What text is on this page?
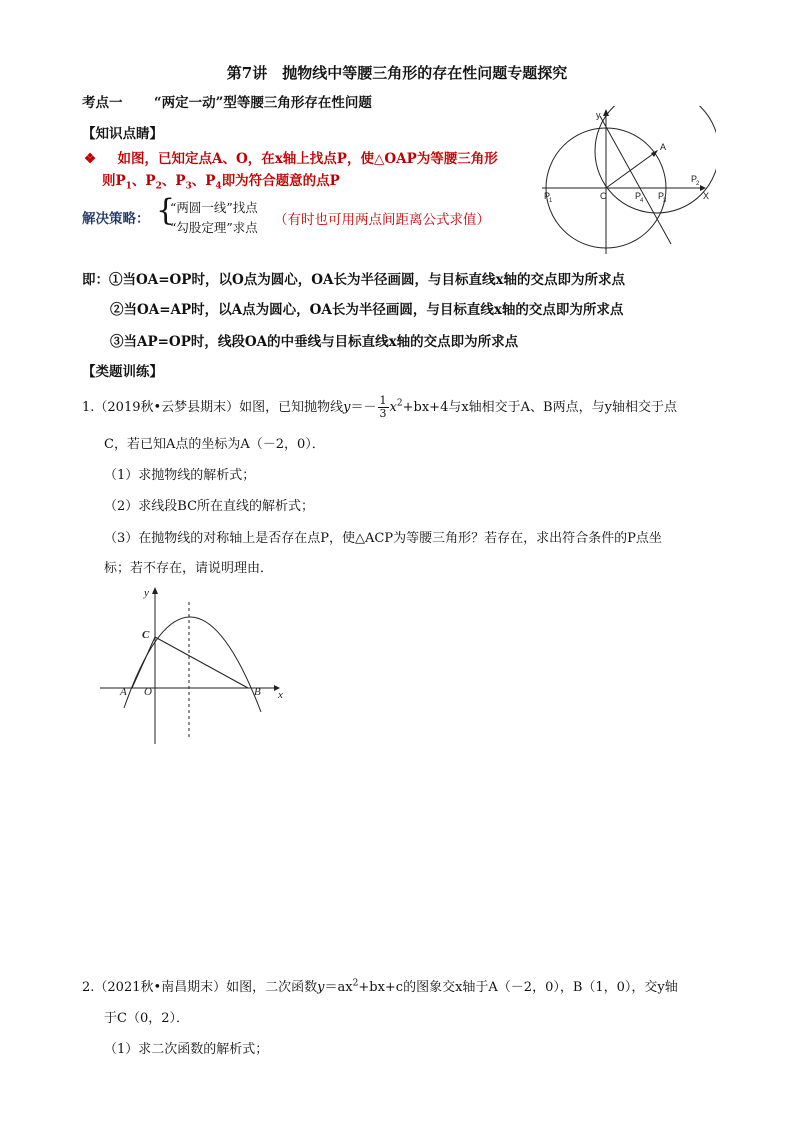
第7讲　抛物线中等腰三角形的存在性问题专题探究
考点一 “两定一动”型等腰三角形存在性问题
【知识点睛】
❖ 如图，已知定点A、O，在x轴上找点P，使△OAP为等腰三角形
则$P_1$、$P_2$、$P_3$、$P_4$即为符合题意的点P
解决策略： {
“两圆一线”找点
“勾股定理”求点 （有时也可用两点间距离公式求值）
y
X
O
A
P	P
4 P
3
P
2
1
即：①当OA=OP时，以O点为圆心，OA长为半径画圆，与目标直线x轴的交点即为所求点
②当OA=AP时，以A点为圆心，OA长为半径画圆，与目标直线x轴的交点即为所求点
③当AP=OP时，线段OA的中垂线与目标直线x轴的交点即为所求点
【类题训练】
1.（2019秋•云梦县期末）如图，已知抛物线$y=- \frac{1}{3} x^2+bx+4$与x轴相交于A、B两点，与y轴相交于点
C，若已知A点的坐标为A（－2，0）．
（1）求抛物线的解析式；
（2）求线段BC所在直线的解析式；
（3）在抛物线的对称轴上是否存在点P，使△ACP为等腰三角形？若存在，求出符合条件的P点坐
标；若不存在，请说明理由．
y
x
C
A O	B
2.（2021秋•南昌期末）如图，二次函数$y=ax^2+bx+c$的图象交x轴于A（－2，0），B（1，0），交y轴
于C（0，2）．
（1）求二次函数的解析式；
